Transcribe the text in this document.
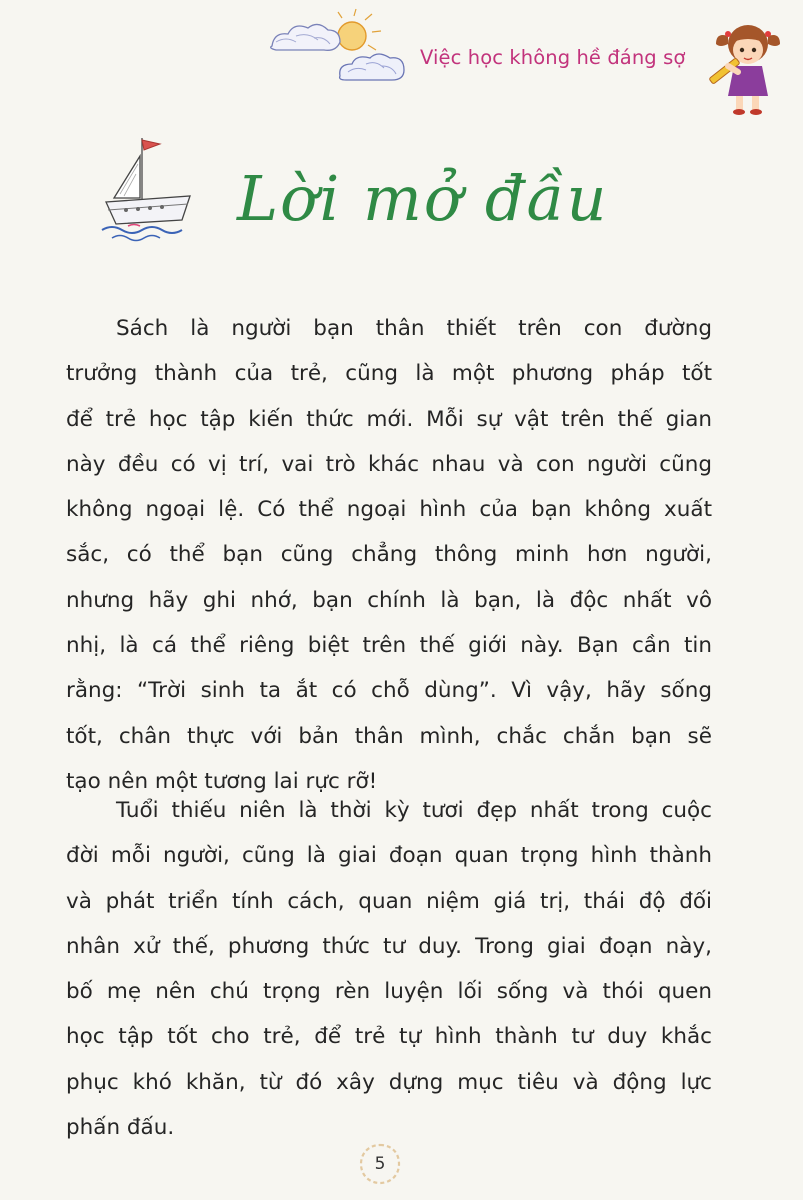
Việc học không hề đáng sợ
Lời mở đầu
Sách là người bạn thân thiết trên con đường
trưởng thành của trẻ, cũng là một phương pháp tốt
để trẻ học tập kiến thức mới. Mỗi sự vật trên thế gian
này đều có vị trí, vai trò khác nhau và con người cũng
không ngoại lệ. Có thể ngoại hình của bạn không xuất
sắc, có thể bạn cũng chẳng thông minh hơn người,
nhưng hãy ghi nhớ, bạn chính là bạn, là độc nhất vô
nhị, là cá thể riêng biệt trên thế giới này. Bạn cần tin
rằng: “Trời sinh ta ắt có chỗ dùng”. Vì vậy, hãy sống
tốt, chân thực với bản thân mình, chắc chắn bạn sẽ
tạo nên một tương lai rực rỡ!
Tuổi thiếu niên là thời kỳ tươi đẹp nhất trong cuộc
đời mỗi người, cũng là giai đoạn quan trọng hình thành
và phát triển tính cách, quan niệm giá trị, thái độ đối
nhân xử thế, phương thức tư duy. Trong giai đoạn này,
bố mẹ nên chú trọng rèn luyện lối sống và thói quen
học tập tốt cho trẻ, để trẻ tự hình thành tư duy khắc
phục khó khăn, từ đó xây dựng mục tiêu và động lực
phấn đấu.
5
